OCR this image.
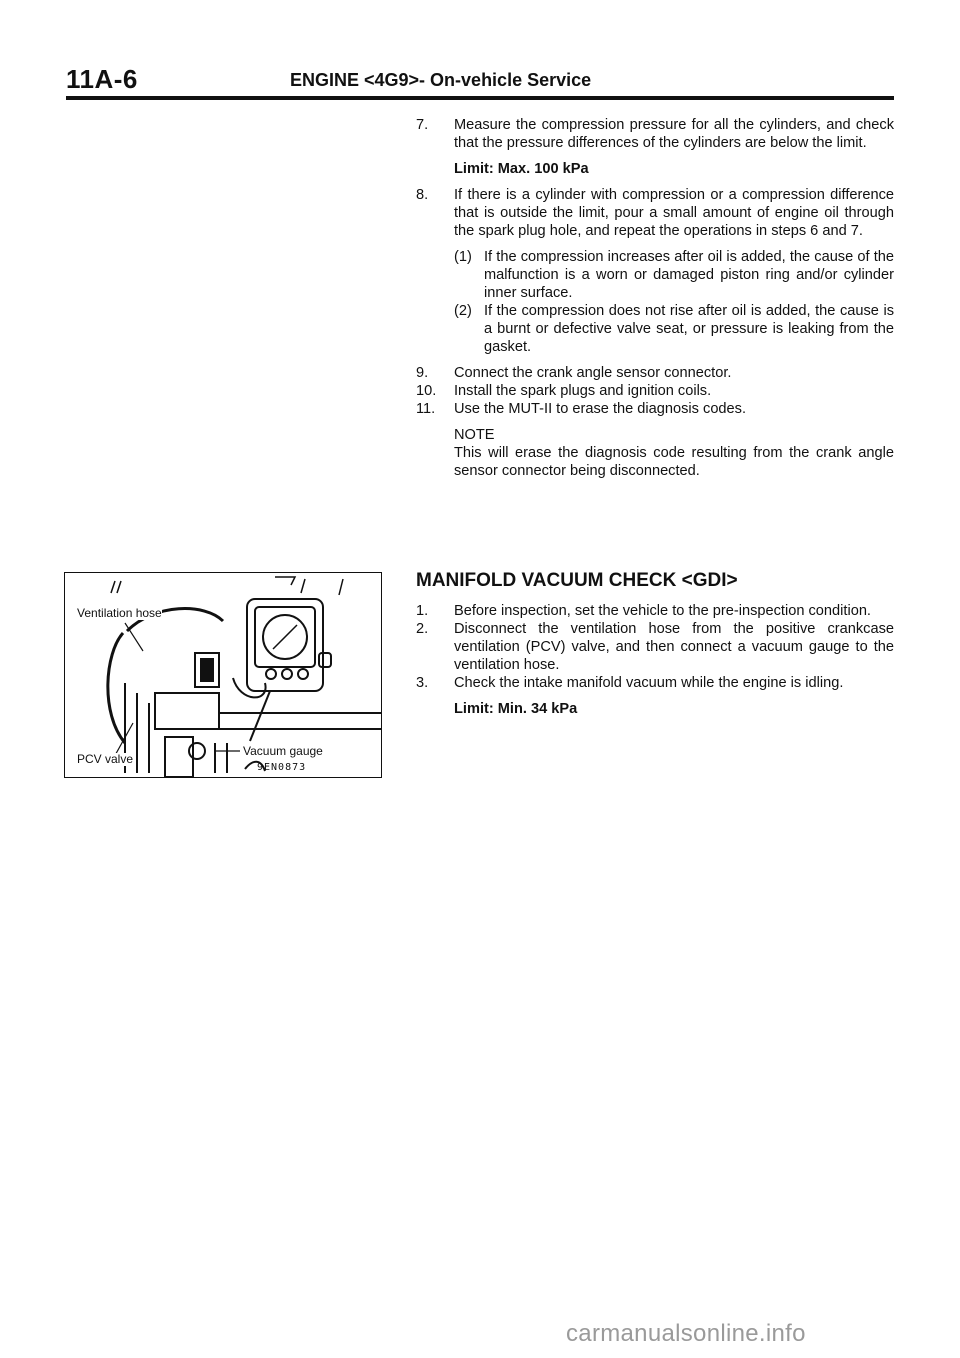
11A-6	ENGINE <4G9>- On-vehicle Service

7.	Measure the compression pressure for all the cylinders, and check that the pressure differences of the cylinders are below the limit.

Limit: Max. 100 kPa

8.	If there is a cylinder with compression or a compression difference that is outside the limit, pour a small amount of engine oil through the spark plug hole, and repeat the operations in steps 6 and 7.

(1) If the compression increases after oil is added, the cause of the malfunction is a worn or damaged piston ring and/or cylinder inner surface.

(2) If the compression does not rise after oil is added, the cause is a burnt or defective valve seat, or pressure is leaking from the gasket.

9.	Connect the crank angle sensor connector.

10.	Install the spark plugs and ignition coils.

11.	Use the MUT-II to erase the diagnosis codes.

NOTE

This will erase the diagnosis code resulting from the crank angle sensor connector being disconnected.

MANIFOLD VACUUM CHECK <GDI>

1.	Before inspection, set the vehicle to the pre-inspection condition.

2.	Disconnect the ventilation hose from the positive crankcase ventilation (PCV) valve, and then connect a vacuum gauge to the ventilation hose.

3.	Check the intake manifold vacuum while the engine is idling.

Limit: Min. 34 kPa

Ventilation hose
Vacuum gauge
PCV valve
9EN0873
carmanualsonline.info
